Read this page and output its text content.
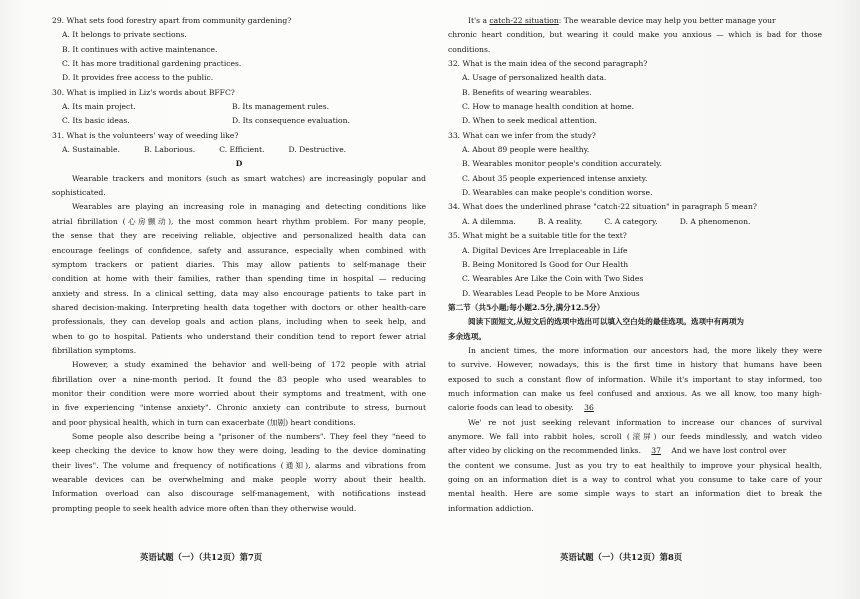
29. What sets food forestry apart from community gardening?
A. It belongs to private sections.
B. It continues with active maintenance.
C. It has more traditional gardening practices.
D. It provides free access to the public.
30. What is implied in Liz's words about BFFC?
A. Its main project.	B. Its management rules.
C. Its basic ideas.	D. Its consequence evaluation.
31. What is the volunteers' way of weeding like?
A. Sustainable.	B. Laborious.	C. Efficient.	D. Destructive.
D
Wearable trackers and monitors (such as smart watches) are increasingly popular and
sophisticated.
Wearables are playing an increasing role in managing and detecting conditions like
atrial fibrillation (心房颤动), the most common heart rhythm problem. For many people,
the sense that they are receiving reliable, objective and personalized health data can
encourage feelings of confidence, safety and assurance, especially when combined with
symptom trackers or patient diaries. This may allow patients to self-manage their
condition at home with their families, rather than spending time in hospital — reducing
anxiety and stress. In a clinical setting, data may also encourage patients to take part in
shared decision-making. Interpreting health data together with doctors or other health-care
professionals, they can develop goals and action plans, including when to seek help, and
when to go to hospital. Patients who understand their condition tend to report fewer atrial
fibrillation symptoms.
However, a study examined the behavior and well-being of 172 people with atrial
fibrillation over a nine-month period. It found the 83 people who used wearables to
monitor their condition were more worried about their symptoms and treatment, with one
in five experiencing "intense anxiety". Chronic anxiety can contribute to stress, burnout
and poor physical health, which in turn can exacerbate (加剧) heart conditions.
Some people also describe being a "prisoner of the numbers". They feel they "need to
keep checking the device to know how they were doing, leading to the device dominating
their lives". The volume and frequency of notifications (通知), alarms and vibrations from
wearable devices can be overwhelming and make people worry about their health.
Information overload can also discourage self-management, with notifications instead
prompting people to seek health advice more often than they otherwise would.
It's a catch-22 situation: The wearable device may help you better manage your
chronic heart condition, but wearing it could make you anxious — which is bad for those
conditions.
32. What is the main idea of the second paragraph?
A. Usage of personalized health data.
B. Benefits of wearing wearables.
C. How to manage health condition at home.
D. When to seek medical attention.
33. What can we infer from the study?
A. About 89 people were healthy.
B. Wearables monitor people's condition accurately.
C. About 35 people experienced intense anxiety.
D. Wearables can make people's condition worse.
34. What does the underlined phrase "catch-22 situation" in paragraph 5 mean?
A. A dilemma.	B. A reality.	C. A category.	D. A phenomenon.
35. What might be a suitable title for the text?
A. Digital Devices Are Irreplaceable in Life
B. Being Monitored Is Good for Our Health
C. Wearables Are Like the Coin with Two Sides
D. Wearables Lead People to be More Anxious
第二节（共5小题;每小题2.5分,满分12.5分）
阅读下面短文,从短文后的选项中选出可以填入空白处的最佳选项。选项中有两项为
多余选项。
In ancient times, the more information our ancestors had, the more likely they were
to survive. However, nowadays, this is the first time in history that humans have been
exposed to such a constant flow of information. While it's important to stay informed, too
much information can make us feel confused and anxious. As we all know, too many high-
calorie foods can lead to obesity. 36
We' re not just seeking relevant information to increase our chances of survival
anymore. We fall into rabbit holes, scroll (滚屏) our feeds mindlessly, and watch video
after video by clicking on the recommended links. 37 And we have lost control over
the content we consume. Just as you try to eat healthily to improve your physical health,
going on an information diet is a way to control what you consume to take care of your
mental health. Here are some simple ways to start an information diet to break the
information addiction.
英语试题（一）（共12页）第7页	英语试题（一）（共12页）第8页
